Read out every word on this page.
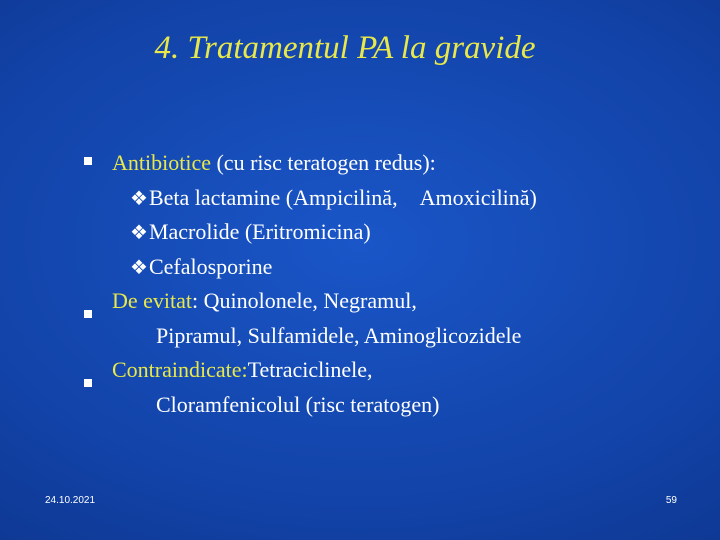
4. Tratamentul PA la gravide
Antibiotice (cu risc teratogen redus):
❖Beta lactamine (Ampicilină, Amoxicilină)
❖Macrolide (Eritromicina)
❖Cefalosporine
De evitat: Quinolonele, Negramul,
Pipramul, Sulfamidele, Aminoglicozidele
Contraindicate:Tetraciclinele,
Cloramfenicolul (risc teratogen)
24.10.2021	59
